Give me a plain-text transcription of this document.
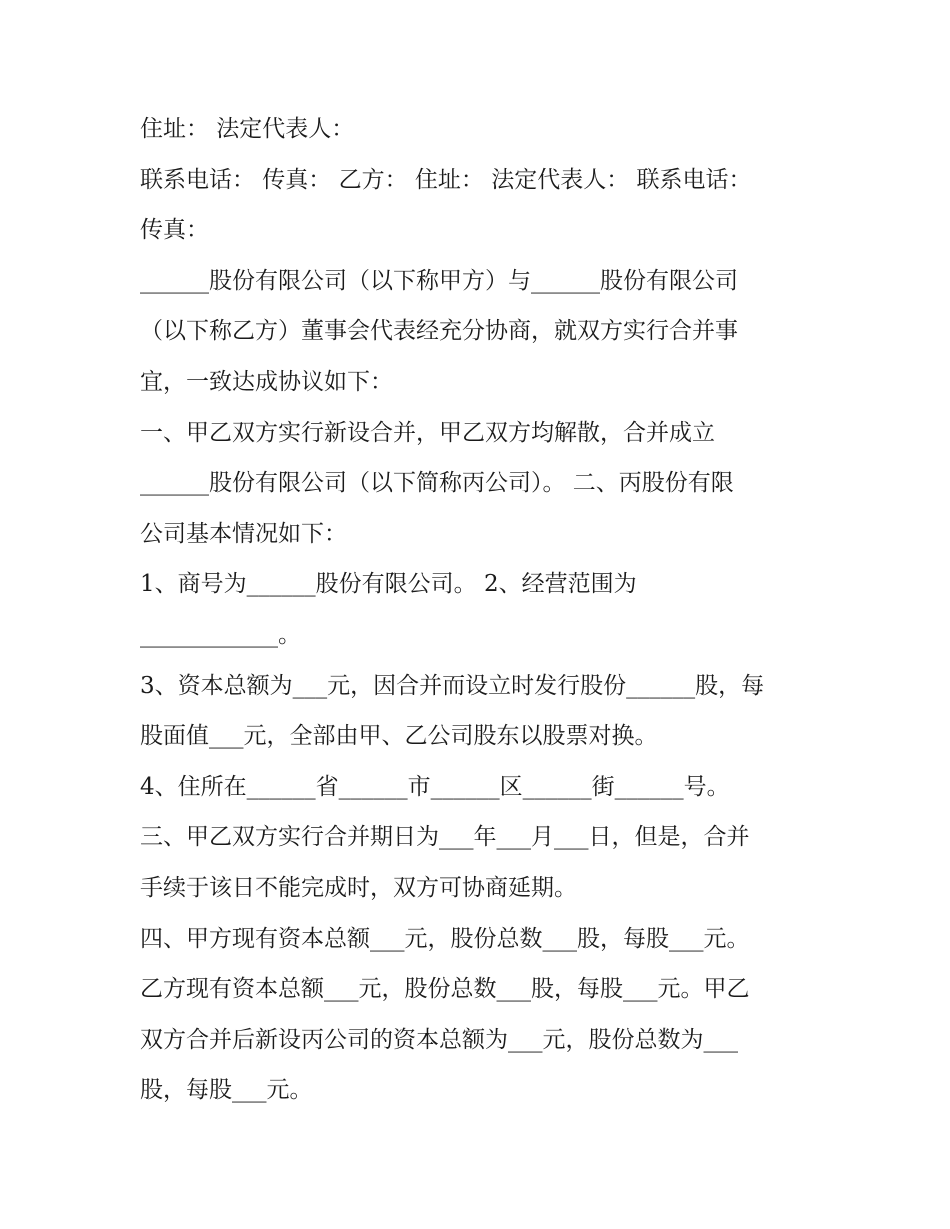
住址： 法定代表人：
联系电话： 传真： 乙方： 住址： 法定代表人： 联系电话：
传真：
______股份有限公司（以下称甲方）与______股份有限公司
（以下称乙方）董事会代表经充分协商，就双方实行合并事
宜，一致达成协议如下：
一、甲乙双方实行新设合并，甲乙双方均解散，合并成立
______股份有限公司（以下简称丙公司）。 二、丙股份有限
公司基本情况如下：
1、商号为______股份有限公司。 2、经营范围为
____________。
3、资本总额为___元，因合并而设立时发行股份______股，每
股面值___元，全部由甲、乙公司股东以股票对换。
4、住所在______省______市______区______街______号。
三、甲乙双方实行合并期日为___年___月___日，但是，合并
手续于该日不能完成时，双方可协商延期。
四、甲方现有资本总额___元，股份总数___股，每股___元。
乙方现有资本总额___元，股份总数___股，每股___元。甲乙
双方合并后新设丙公司的资本总额为___元，股份总数为___
股，每股___元。
